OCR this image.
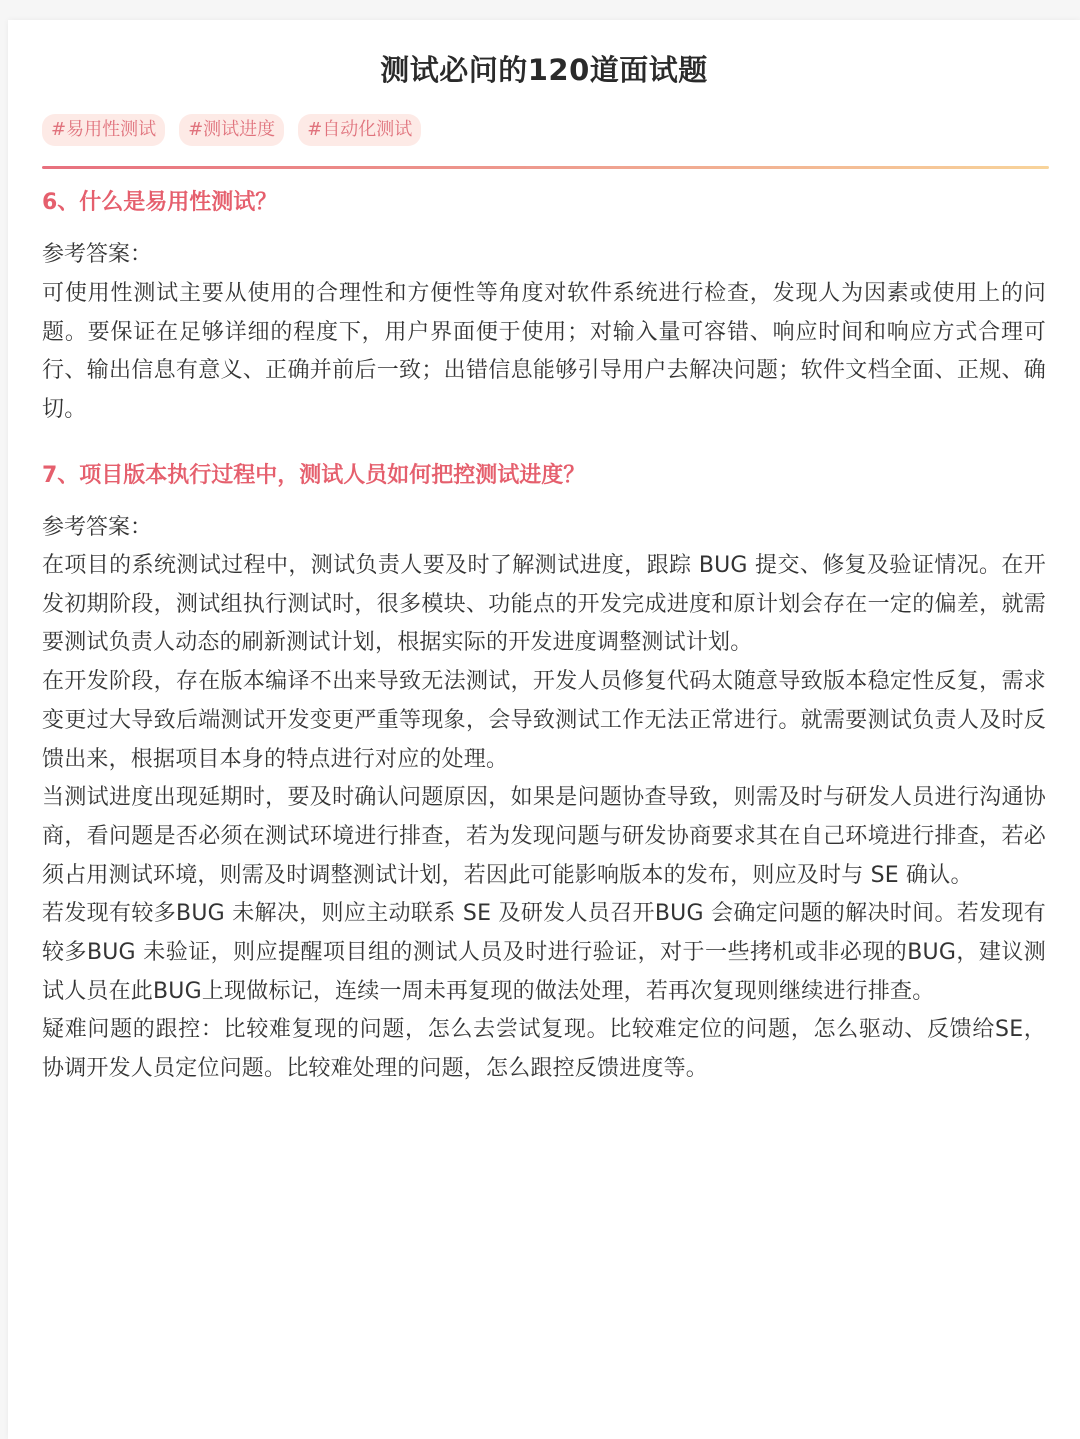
测试必问的120道面试题
#易用性测试	#测试进度	#自动化测试
6、什么是易用性测试？
参考答案：

可使用性测试主要从使用的合理性和方便性等角度对软件系统进行检查，发现人为因素或使用上的问题。要保证在足够详细的程度下，用户界面便于使用；对输入量可容错、响应时间和响应方式合理可行、输出信息有意义、正确并前后一致；出错信息能够引导用户去解决问题；软件文档全面、正规、确切。

7、项目版本执行过程中，测试人员如何把控测试进度？
参考答案：

在项目的系统测试过程中，测试负责人要及时了解测试进度，跟踪 BUG 提交、修复及验证情况。在开发初期阶段，测试组执行测试时，很多模块、功能点的开发完成进度和原计划会存在一定的偏差，就需要测试负责人动态的刷新测试计划，根据实际的开发进度调整测试计划。

在开发阶段，存在版本编译不出来导致无法测试，开发人员修复代码太随意导致版本稳定性反复，需求变更过大导致后端测试开发变更严重等现象，会导致测试工作无法正常进行。就需要测试负责人及时反馈出来，根据项目本身的特点进行对应的处理。

当测试进度出现延期时，要及时确认问题原因，如果是问题协查导致，则需及时与研发人员进行沟通协商，看问题是否必须在测试环境进行排查，若为发现问题与研发协商要求其在自己环境进行排查，若必须占用测试环境，则需及时调整测试计划，若因此可能影响版本的发布，则应及时与 SE 确认。

若发现有较多BUG 未解决，则应主动联系 SE 及研发人员召开BUG 会确定问题的解决时间。若发现有较多BUG 未验证，则应提醒项目组的测试人员及时进行验证，对于一些拷机或非必现的BUG，建议测试人员在此BUG上现做标记，连续一周未再复现的做法处理，若再次复现则继续进行排查。

疑难问题的跟控：比较难复现的问题，怎么去尝试复现。比较难定位的问题，怎么驱动、反馈给SE，协调开发人员定位问题。比较难处理的问题，怎么跟控反馈进度等。
